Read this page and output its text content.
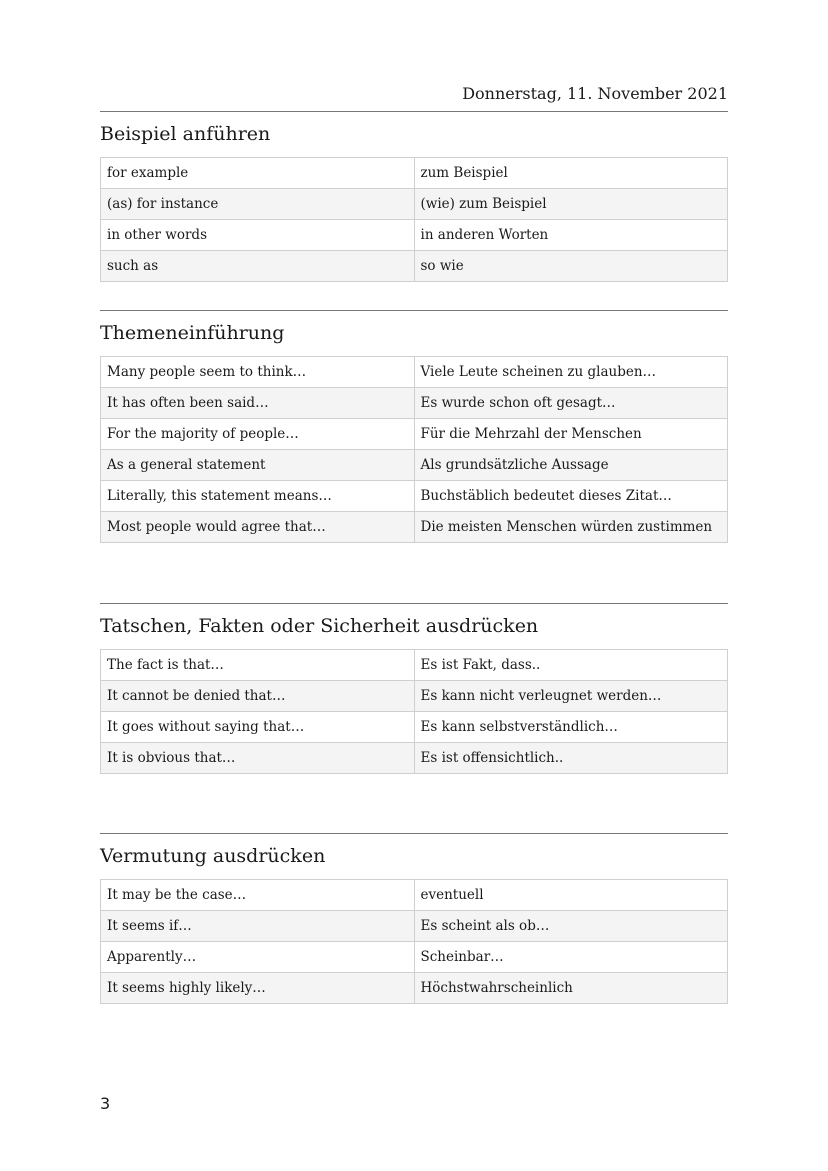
Donnerstag, 11. November 2021
Beispiel anführen
for example	zum Beispiel
(as) for instance	(wie) zum Beispiel
in other words	in anderen Worten
such as	so wie
Themeneinführung
Many people seem to think…	Viele Leute scheinen zu glauben…
It has often been said…	Es wurde schon oft gesagt…
For the majority of people…	Für die Mehrzahl der Menschen
As a general statement	Als grundsätzliche Aussage
Literally, this statement means…	Buchstäblich bedeutet dieses Zitat…
Most people would agree that…	Die meisten Menschen würden zustimmen
Tatschen, Fakten oder Sicherheit ausdrücken
The fact is that…	Es ist Fakt, dass..
It cannot be denied that…	Es kann nicht verleugnet werden…
It goes without saying that…	Es kann selbstverständlich…
It is obvious that…	Es ist offensichtlich..
Vermutung ausdrücken
It may be the case…	eventuell
It seems if…	Es scheint als ob…
Apparently…	Scheinbar…
It seems highly likely…	Höchstwahrscheinlich
3
